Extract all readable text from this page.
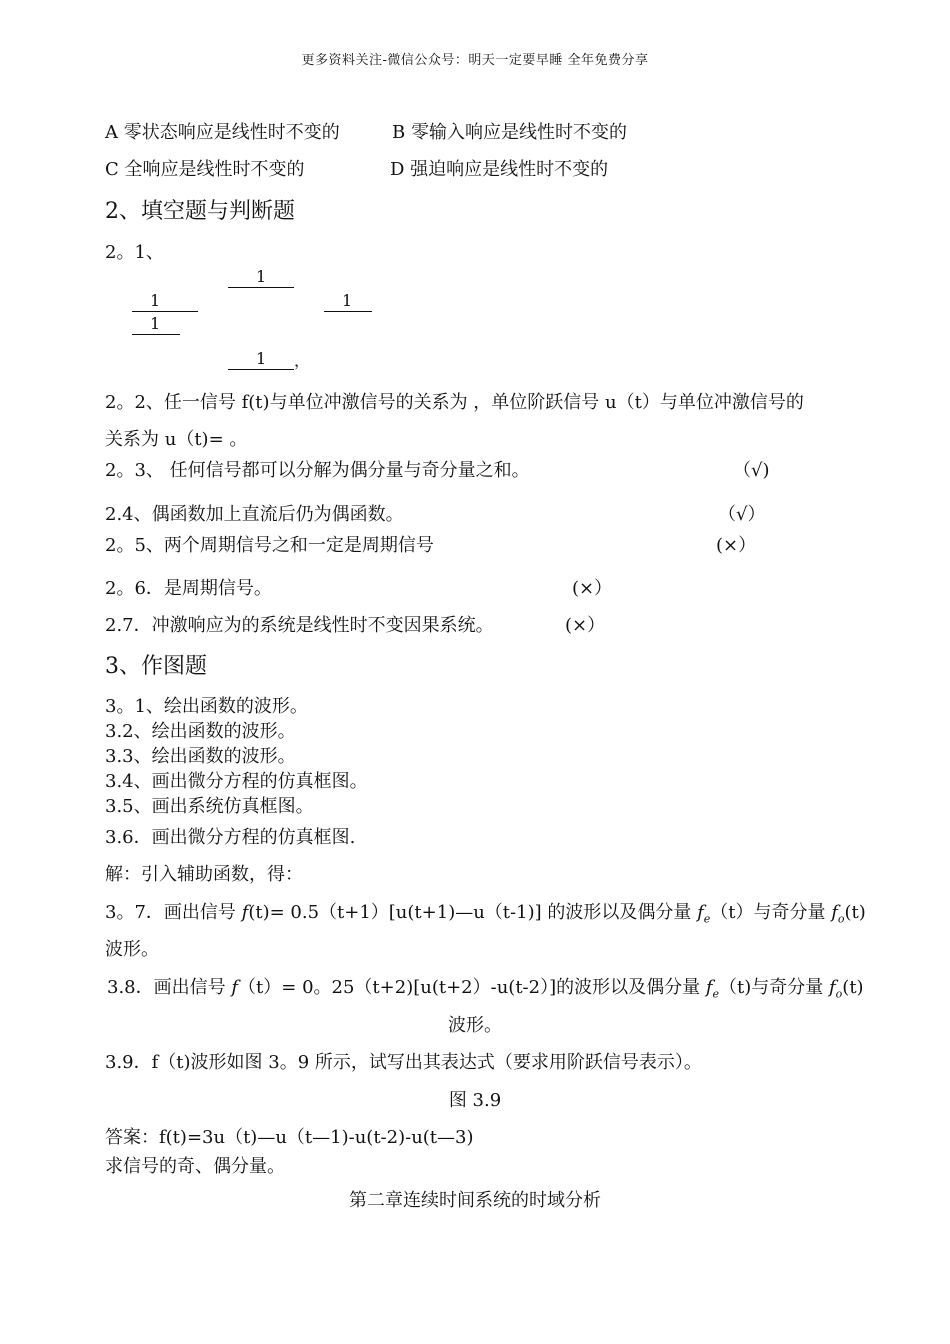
更多资料关注-微信公众号：明天一定要早睡 全年免费分享
A 零状态响应是线性时不变的	B 零输入响应是线性时不变的
C 全响应是线性时不变的	D 强迫响应是线性时不变的
2、填空题与判断题
2。1、
1
1	1
1
1 ，
2。2、任一信号 f(t)与单位冲激信号的关系为 ，单位阶跃信号 u（t）与单位冲激信号的
关系为 u（t)= 。
2。3、 任何信号都可以分解为偶分量与奇分量之和。	（√)
2.4、偶函数加上直流后仍为偶函数。	（√）
2。5、两个周期信号之和一定是周期信号	(×）
2。6．是周期信号。	(×）
2.7．冲激响应为的系统是线性时不变因果系统。	(×）
3、作图题
3。1、绘出函数的波形。
3.2、绘出函数的波形。
3.3、绘出函数的波形。
3.4、画出微分方程的仿真框图。
3.5、画出系统仿真框图。
3.6．画出微分方程的仿真框图.
解：引入辅助函数，得：
3。7．画出信号 f(t)= 0.5（t+1）[u(t+1)—u（t-1)] 的波形以及偶分量 $f_e(t)$与奇分量 $f_o(t)$
波形。
3.8．画出信号 f（t）= 0。25（t+2)[u(t+2）-u(t-2）]的波形以及偶分量 $f_e(t)$与奇分量 $f_o(t)$
波形。
3.9．f（t)波形如图 3。9 所示，试写出其表达式（要求用阶跃信号表示）。
图 3.9
答案：f(t)=3u（t)—u（t—1)-u(t-2)-u(t—3)
求信号的奇、偶分量。
第二章连续时间系统的时域分析
